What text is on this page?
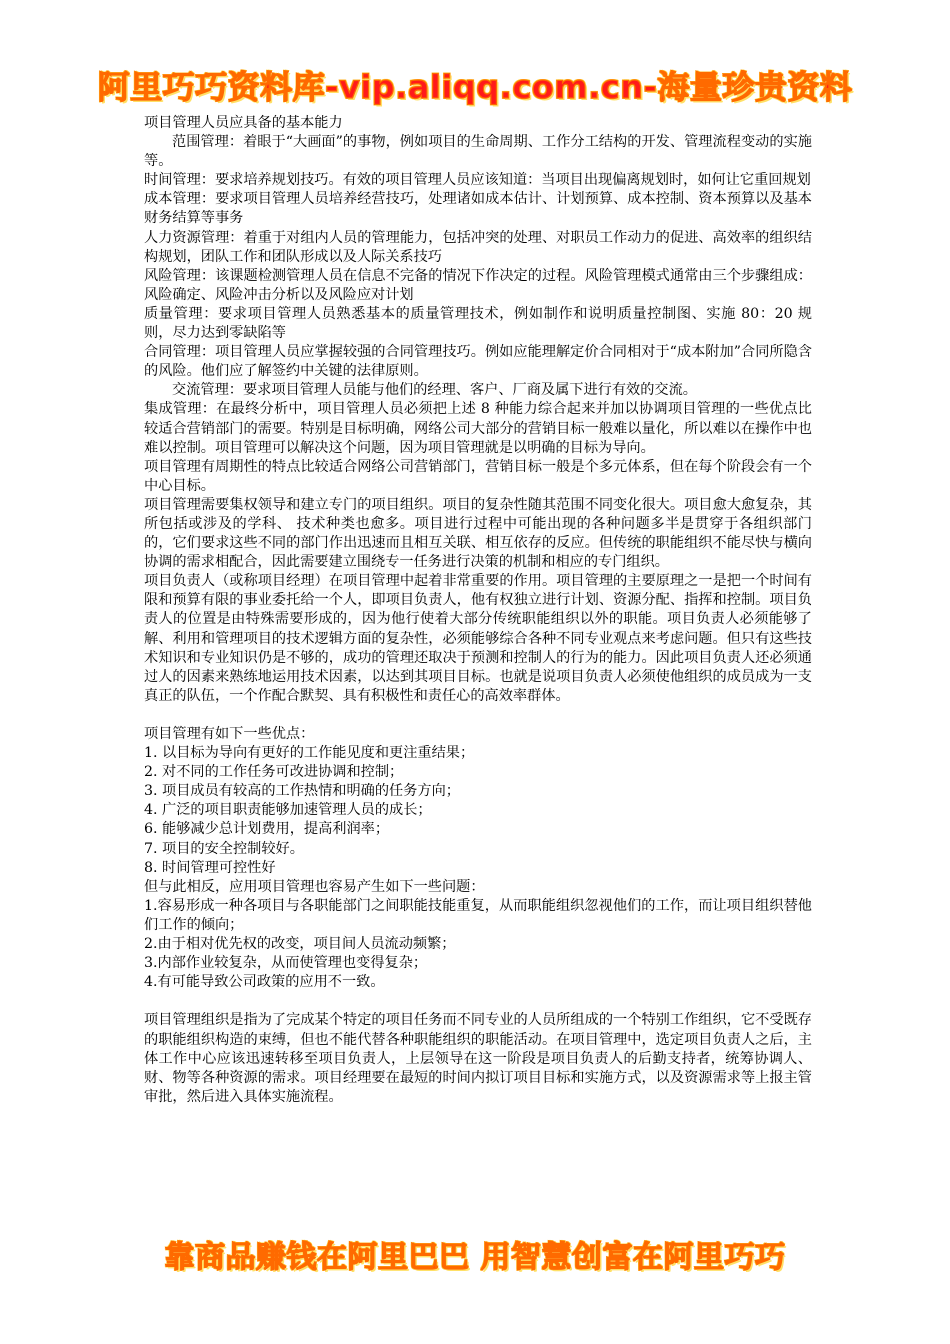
阿里巧巧资料库-vip.aliqq.com.cn-海量珍贵资料

项目管理人员应具备的基本能力

范围管理：着眼于“大画面”的事物，例如项目的生命周期、工作分工结构的开发、管理流程变动的实施等。

时间管理：要求培养规划技巧。有效的项目管理人员应该知道：当项目出现偏离规划时，如何让它重回规划

成本管理：要求项目管理人员培养经营技巧，处理诸如成本估计、计划预算、成本控制、资本预算以及基本财务结算等事务

人力资源管理：着重于对组内人员的管理能力，包括冲突的处理、对职员工作动力的促进、高效率的组织结构规划，团队工作和团队形成以及人际关系技巧

风险管理：该课题检测管理人员在信息不完备的情况下作决定的过程。风险管理模式通常由三个步骤组成： 风险确定、风险冲击分析以及风险应对计划

质量管理：要求项目管理人员熟悉基本的质量管理技术，例如制作和说明质量控制图、实施 80：20 规则，尽力达到零缺陷等

合同管理：项目管理人员应掌握较强的合同管理技巧。例如应能理解定价合同相对于“成本附加”合同所隐含的风险。他们应了解签约中关键的法律原则。

交流管理：要求项目管理人员能与他们的经理、客户、厂商及属下进行有效的交流。

集成管理：在最终分析中，项目管理人员必须把上述 8 种能力综合起来并加以协调项目管理的一些优点比较适合营销部门的需要。特别是目标明确，网络公司大部分的营销目标一般难以量化，所以难以在操作中也难以控制。项目管理可以解决这个问题，因为项目管理就是以明确的目标为导向。

项目管理有周期性的特点比较适合网络公司营销部门，营销目标一般是个多元体系，但在每个阶段会有一个中心目标。

项目管理需要集权领导和建立专门的项目组织。项目的复杂性随其范围不同变化很大。项目愈大愈复杂，其所包括或涉及的学科、 技术种类也愈多。项目进行过程中可能出现的各种问题多半是贯穿于各组织部门的，它们要求这些不同的部门作出迅速而且相互关联、相互依存的反应。但传统的职能组织不能尽快与横向协调的需求相配合，因此需要建立围绕专一任务进行决策的机制和相应的专门组织。

项目负责人（或称项目经理）在项目管理中起着非常重要的作用。项目管理的主要原理之一是把一个时间有限和预算有限的事业委托给一个人，即项目负责人，他有权独立进行计划、资源分配、指挥和控制。项目负责人的位置是由特殊需要形成的，因为他行使着大部分传统职能组织以外的职能。项目负责人必须能够了解、利用和管理项目的技术逻辑方面的复杂性，必须能够综合各种不同专业观点来考虑问题。但只有这些技术知识和专业知识仍是不够的，成功的管理还取决于预测和控制人的行为的能力。因此项目负责人还必须通过人的因素来熟练地运用技术因素，以达到其项目目标。也就是说项目负责人必须使他组织的成员成为一支真正的队伍，一个作配合默契、具有积极性和责任心的高效率群体。

项目管理有如下一些优点：

1. 以目标为导向有更好的工作能见度和更注重结果；

2. 对不同的工作任务可改进协调和控制；

3. 项目成员有较高的工作热情和明确的任务方向；

4. 广泛的项目职责能够加速管理人员的成长；

6. 能够减少总计划费用，提高利润率；

7. 项目的安全控制较好。

8. 时间管理可控性好

但与此相反，应用项目管理也容易产生如下一些问题：

1.容易形成一种各项目与各职能部门之间职能技能重复，从而职能组织忽视他们的工作，而让项目组织替他们工作的倾向；

2.由于相对优先权的改变，项目间人员流动频繁；

3.内部作业较复杂，从而使管理也变得复杂；

4.有可能导致公司政策的应用不一致。

项目管理组织是指为了完成某个特定的项目任务而不同专业的人员所组成的一个特别工作组织，它不受既存的职能组织构造的束缚，但也不能代替各种职能组织的职能活动。在项目管理中，选定项目负责人之后，主体工作中心应该迅速转移至项目负责人，上层领导在这一阶段是项目负责人的后勤支持者，统筹协调人、财、物等各种资源的需求。项目经理要在最短的时间内拟订项目目标和实施方式，以及资源需求等上报主管审批，然后进入具体实施流程。

靠商品赚钱在阿里巴巴 用智慧创富在阿里巧巧
